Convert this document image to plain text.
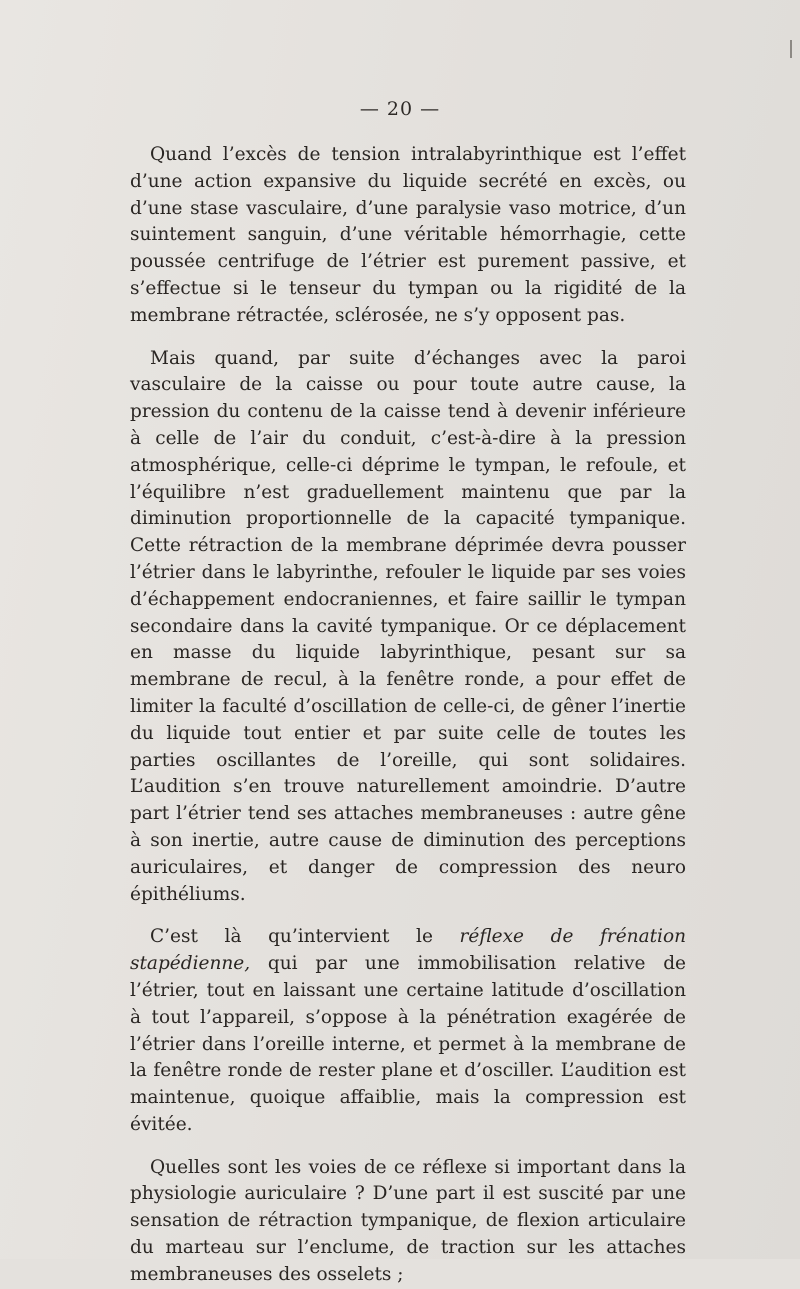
— 20 —

Quand l’excès de tension intralabyrinthique est l’effet d’une action expansive du liquide secrété en excès, ou d’une stase vasculaire, d’une paralysie vaso motrice, d’un suintement sanguin, d’une véritable hémorrhagie, cette poussée centrifuge de l’étrier est purement passive, et s’effectue si le tenseur du tympan ou la rigidité de la membrane rétractée, sclérosée, ne s’y opposent pas.

Mais quand, par suite d’échanges avec la paroi vasculaire de la caisse ou pour toute autre cause, la pression du contenu de la caisse tend à devenir inférieure à celle de l’air du conduit, c’est-à-dire à la pression atmosphérique, celle-ci déprime le tympan, le refoule, et l’équilibre n’est graduellement maintenu que par la diminution proportionnelle de la capacité tympanique. Cette rétraction de la membrane déprimée devra pousser l’étrier dans le labyrinthe, refouler le liquide par ses voies d’échappement endocraniennes, et faire saillir le tympan secondaire dans la cavité tympanique. Or ce déplacement en masse du liquide labyrinthique, pesant sur sa membrane de recul, à la fenêtre ronde, a pour effet de limiter la faculté d’oscillation de celle-ci, de gêner l’inertie du liquide tout entier et par suite celle de toutes les parties oscillantes de l’oreille, qui sont solidaires. L’audition s’en trouve naturellement amoindrie. D’autre part l’étrier tend ses attaches membraneuses : autre gêne à son inertie, autre cause de diminution des perceptions auriculaires, et danger de compression des neuro épithéliums.

C’est là qu’intervient le réflexe de frénation stapédienne, qui par une immobilisation relative de l’étrier, tout en laissant une certaine latitude d’oscillation à tout l’appareil, s’oppose à la pénétration exagérée de l’étrier dans l’oreille interne, et permet à la membrane de la fenêtre ronde de rester plane et d’osciller. L’audition est maintenue, quoique affaiblie, mais la compression est évitée.

Quelles sont les voies de ce réflexe si important dans la physiologie auriculaire ? D’une part il est suscité par une sensation de rétraction tympanique, de flexion articulaire du marteau sur l’enclume, de traction sur les attaches membraneuses des osselets ;
